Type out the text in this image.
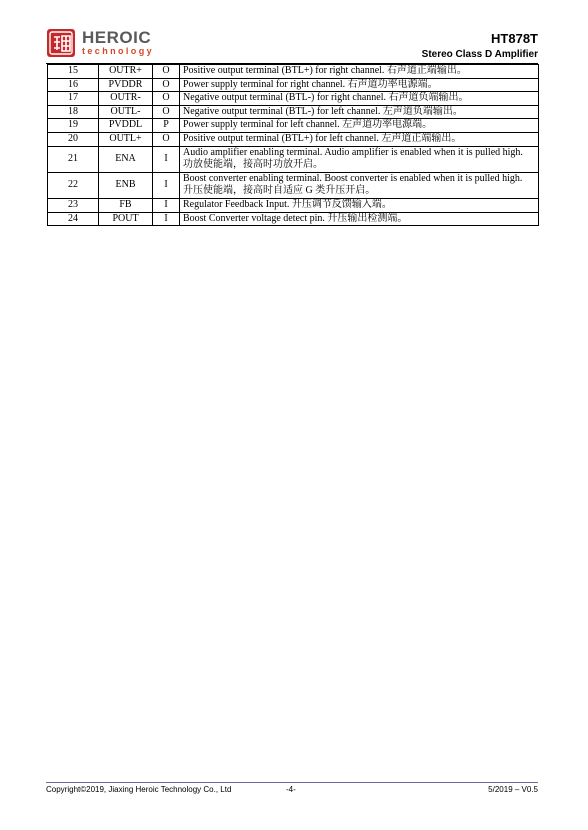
HEROIC
technology
HT878T
Stereo Class D Amplifier
15	OUTR+	O	Positive output terminal (BTL+) for right channel. 右声道正端输出。

16	PVDDR	O	Power supply terminal for right channel. 右声道功率电源端。

17	OUTR-	O	Negative output terminal (BTL-) for right channel. 右声道负端输出。

18	OUTL-	O	Negative output terminal (BTL-) for left channel. 左声道负端输出。

19	PVDDL	P	Power supply terminal for left channel. 左声道功率电源端。

20	OUTL+	O	Positive output terminal (BTL+) for left channel. 左声道正端输出。

21	ENA	I	Audio amplifier enabling terminal. Audio amplifier is enabled when it is pulled high.
功放使能端，接高时功放开启。

22	ENB	I	Boost converter enabling terminal. Boost converter is enabled when it is pulled high.
升压使能端，接高时自适应 G 类升压开启。

23	FB	I	Regulator Feedback Input. 升压调节反馈输入端。

24	POUT	I	Boost Converter voltage detect pin. 升压输出检测端。
Copyright©2019, Jiaxing Heroic Technology Co., Ltd	-4-	5/2019 – V0.5
